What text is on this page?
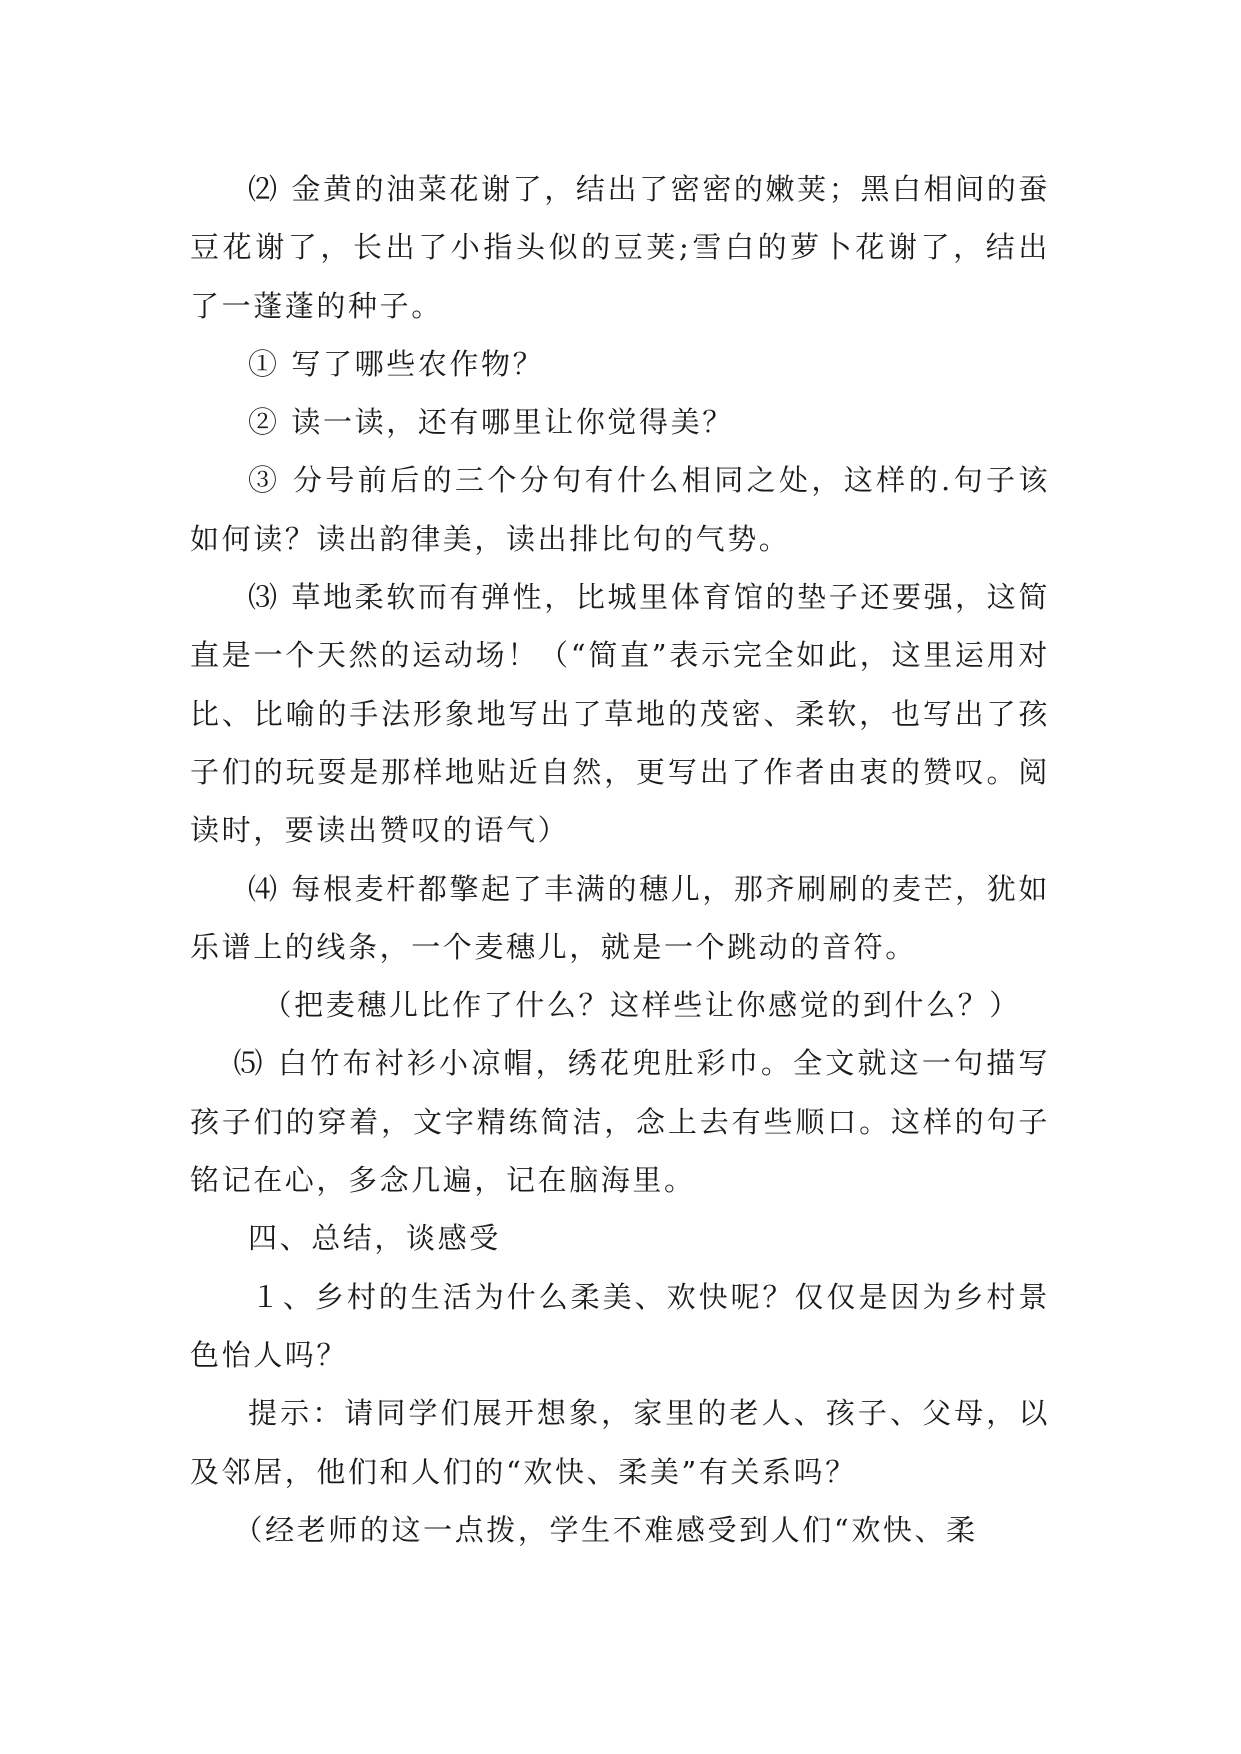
⑵ 金黄的油菜花谢了，结出了密密的嫩荚；黑白相间的蚕豆花谢了，长出了小指头似的豆荚;雪白的萝卜花谢了，结出了一蓬蓬的种子。

① 写了哪些农作物？

② 读一读，还有哪里让你觉得美？

③ 分号前后的三个分句有什么相同之处，这样的.句子该如何读？读出韵律美，读出排比句的气势。

⑶ 草地柔软而有弹性，比城里体育馆的垫子还要强，这简直是一个天然的运动场！（“简直”表示完全如此，这里运用对比、比喻的手法形象地写出了草地的茂密、柔软，也写出了孩子们的玩耍是那样地贴近自然，更写出了作者由衷的赞叹。阅读时，要读出赞叹的语气）

⑷ 每根麦杆都擎起了丰满的穗儿，那齐刷刷的麦芒，犹如乐谱上的线条，一个麦穗儿，就是一个跳动的音符。

（把麦穗儿比作了什么？这样些让你感觉的到什么？）

⑸ 白竹布衬衫小凉帽，绣花兜肚彩巾。全文就这一句描写孩子们的穿着，文字精练简洁，念上去有些顺口。这样的句子铭记在心，多念几遍，记在脑海里。

四、总结，谈感受

１、乡村的生活为什么柔美、欢快呢？仅仅是因为乡村景色怡人吗？

提示：请同学们展开想象，家里的老人、孩子、父母，以及邻居，他们和人们的“欢快、柔美”有关系吗？

（经老师的这一点拨，学生不难感受到人们“欢快、柔
